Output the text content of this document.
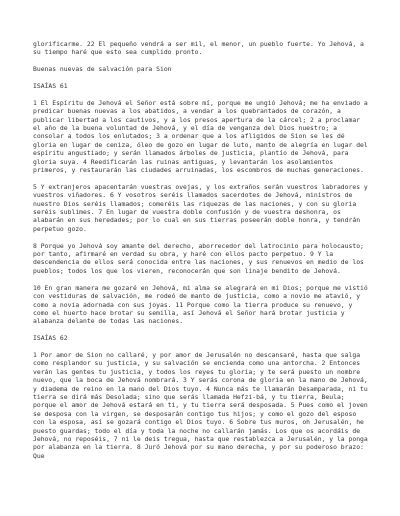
glorificarme. 22 El pequeño vendrá a ser mil, el menor, un pueblo fuerte. Yo Jehová, a su tiempo haré que esto sea cumplido pronto.

Buenas nuevas de salvación para Sion

ISAÍAS 61

1 El Espíritu de Jehová el Señor está sobre mí, porque me ungió Jehová; me ha enviado a predicar buenas nuevas a los abatidos, a vendar a los quebrantados de corazón, a publicar libertad a los cautivos, y a los presos apertura de la cárcel; 2 a proclamar el año de la buena voluntad de Jehová, y el día de venganza del Dios nuestro; a consolar a todos los enlutados; 3 a ordenar que a los afligidos de Sion se les dé gloria en lugar de ceniza, óleo de gozo en lugar de luto, manto de alegría en lugar del espíritu angustiado; y serán llamados árboles de justicia, plantío de Jehová, para gloria suya. 4 Reedificarán las ruinas antiguas, y levantarán los asolamientos primeros, y restaurarán las ciudades arruinadas, los escombros de muchas generaciones.

5 Y extranjeros apacentarán vuestras ovejas, y los extraños serán vuestros labradores y vuestros viñadores. 6 Y vosotros seréis llamados sacerdotes de Jehová, ministros de nuestro Dios seréis llamados; comeréis las riquezas de las naciones, y con su gloria seréis sublimes. 7 En lugar de vuestra doble confusión y de vuestra deshonra, os alabarán en sus heredades; por lo cual en sus tierras poseerán doble honra, y tendrán perpetuo gozo.

8 Porque yo Jehová soy amante del derecho, aborrecedor del latrocinio para holocausto; por tanto, afirmaré en verdad su obra, y haré con ellos pacto perpetuo. 9 Y la descendencia de ellos será conocida entre las naciones, y sus renuevos en medio de los pueblos; todos los que los vieren, reconocerán que son linaje bendito de Jehová.

10 En gran manera me gozaré en Jehová, mi alma se alegrará en mi Dios; porque me vistió con vestiduras de salvación, me rodeó de manto de justicia, como a novio me atavió, y como a novia adornada con sus joyas. 11 Porque como la tierra produce su renuevo, y como el huerto hace brotar su semilla, así Jehová el Señor hará brotar justicia y alabanza delante de todas las naciones.

ISAÍAS 62

1 Por amor de Sion no callaré, y por amor de Jerusalén no descansaré, hasta que salga como resplandor su justicia, y su salvación se encienda como una antorcha. 2 Entonces verán las gentes tu justicia, y todos los reyes tu gloria; y te será puesto un nombre nuevo, que la boca de Jehová nombrará. 3 Y serás corona de gloria en la mano de Jehová, y diadema de reino en la mano del Dios tuyo. 4 Nunca más te llamarán Desamparada, ni tu tierra se dirá más Desolada; sino que serás llamada Hefzi-bá, y tu tierra, Beula; porque el amor de Jehová estará en ti, y tu tierra será desposada. 5 Pues como el joven se desposa con la virgen, se desposarán contigo tus hijos; y como el gozo del esposo con la esposa, así se gozará contigo el Dios tuyo. 6 Sobre tus muros, oh Jerusalén, he puesto guardas; todo el día y toda la noche no callarán jamás. Los que os acordáis de Jehová, no reposéis, 7 ni le deis tregua, hasta que restablezca a Jerusalén, y la ponga por alabanza en la tierra. 8 Juró Jehová por su mano derecha, y por su poderoso brazo: Que
